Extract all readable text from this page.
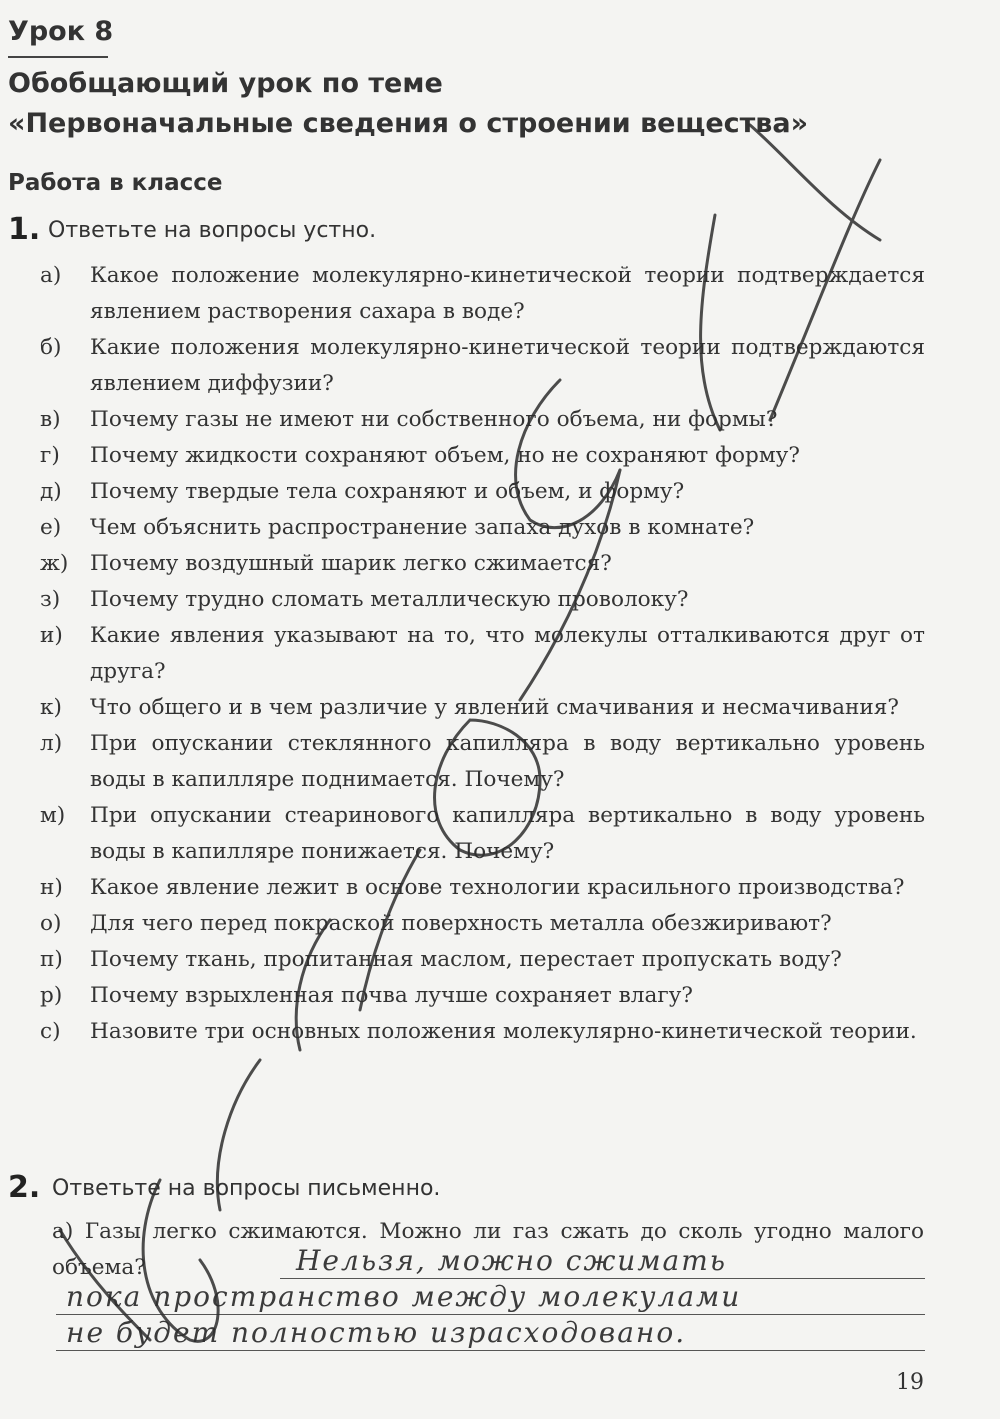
Урок 8
Обобщающий урок по теме
«Первоначальные сведения о строении вещества»
Работа в классе
1. Ответьте на вопросы устно.
а)	Какое положение молекулярно-кинетической теории подтверждается явлением растворения сахара в воде?
б)	Какие положения молекулярно-кинетической теории подтверждаются явлением диффузии?
в)	Почему газы не имеют ни собственного объема, ни формы?
г)	Почему жидкости сохраняют объем, но не сохраняют форму?
д)	Почему твердые тела сохраняют и объем, и форму?
е)	Чем объяснить распространение запаха духов в комнате?
ж)	Почему воздушный шарик легко сжимается?
з)	Почему трудно сломать металлическую проволоку?
и)	Какие явления указывают на то, что молекулы отталкиваются друг от друга?
к)	Что общего и в чем различие у явлений смачивания и несмачивания?
л)	При опускании стеклянного капилляра в воду вертикально уровень воды в капилляре поднимается. Почему?
м)	При опускании стеаринового капилляра вертикально в воду уровень воды в капилляре понижается. Почему?
н)	Какое явление лежит в основе технологии красильного производства?
о)	Для чего перед покраской поверхность металла обезжиривают?
п)	Почему ткань, пропитанная маслом, перестает пропускать воду?
р)	Почему взрыхленная почва лучше сохраняет влагу?
с)	Назовите три основных положения молекулярно-кинетической теории.
2. Ответьте на вопросы письменно.
а) Газы легко сжимаются. Можно ли газ сжать до сколь угодно малого объема?	Нельзя, можно сжимать
пока пространство между молекулами
не будет полностью израсходовано.
19
